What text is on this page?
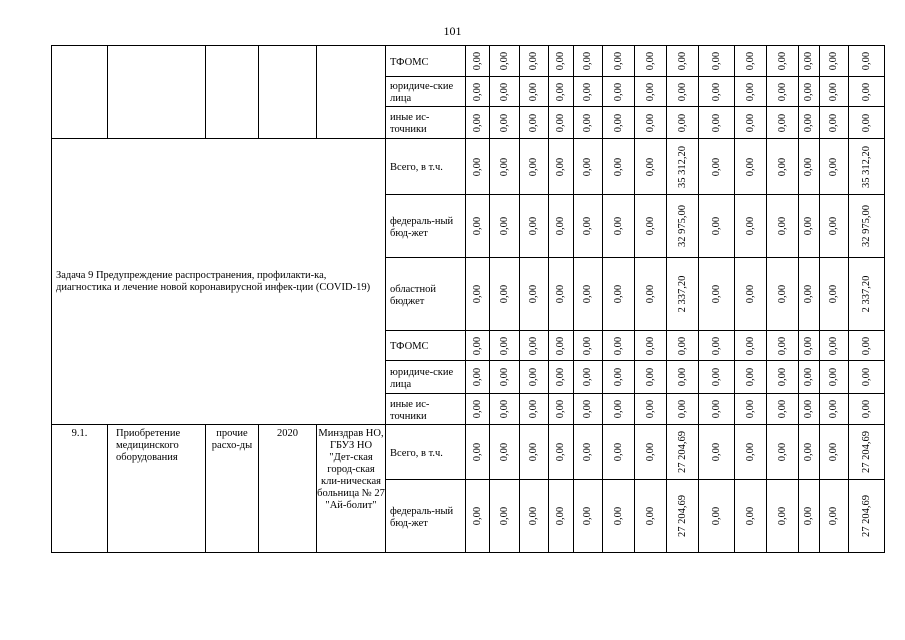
101
					ТФОМС	0,00	0,00	0,00	0,00	0,00	0,00	0,00	0,00	0,00	0,00	0,00	0,00	0,00	0,00

					юридиче-ские лица	0,00	0,00	0,00	0,00	0,00	0,00	0,00	0,00	0,00	0,00	0,00	0,00	0,00	0,00

					иные ис-точники	0,00	0,00	0,00	0,00	0,00	0,00	0,00	0,00	0,00	0,00	0,00	0,00	0,00	0,00

Задача 9 Предупреждение распространения, профилакти-ка, диагностика и лечение новой коронавирусной инфек-ции (COVID-19)					Всего, в т.ч.	0,00	0,00	0,00	0,00	0,00	0,00	0,00	35 312,20	0,00	0,00	0,00	0,00	0,00	35 312,20

					федераль-ный бюд-жет	0,00	0,00	0,00	0,00	0,00	0,00	0,00	32 975,00	0,00	0,00	0,00	0,00	0,00	32 975,00

					областной бюджет	0,00	0,00	0,00	0,00	0,00	0,00	0,00	2 337,20	0,00	0,00	0,00	0,00	0,00	2 337,20

					ТФОМС	0,00	0,00	0,00	0,00	0,00	0,00	0,00	0,00	0,00	0,00	0,00	0,00	0,00	0,00

					юридиче-ские лица	0,00	0,00	0,00	0,00	0,00	0,00	0,00	0,00	0,00	0,00	0,00	0,00	0,00	0,00

					иные ис-точники	0,00	0,00	0,00	0,00	0,00	0,00	0,00	0,00	0,00	0,00	0,00	0,00	0,00	0,00

9.1.	Приобретение медицинского оборудования	прочие расхо-ды	2020	Минздрав НО, ГБУЗ НО "Дет-ская город-ская кли-ническая больница № 27 "Ай-болит"	Всего, в т.ч.	0,00	0,00	0,00	0,00	0,00	0,00	0,00	27 204,69	0,00	0,00	0,00	0,00	0,00	27 204,69

					федераль-ный бюд-жет	0,00	0,00	0,00	0,00	0,00	0,00	0,00	27 204,69	0,00	0,00	0,00	0,00	0,00	27 204,69
